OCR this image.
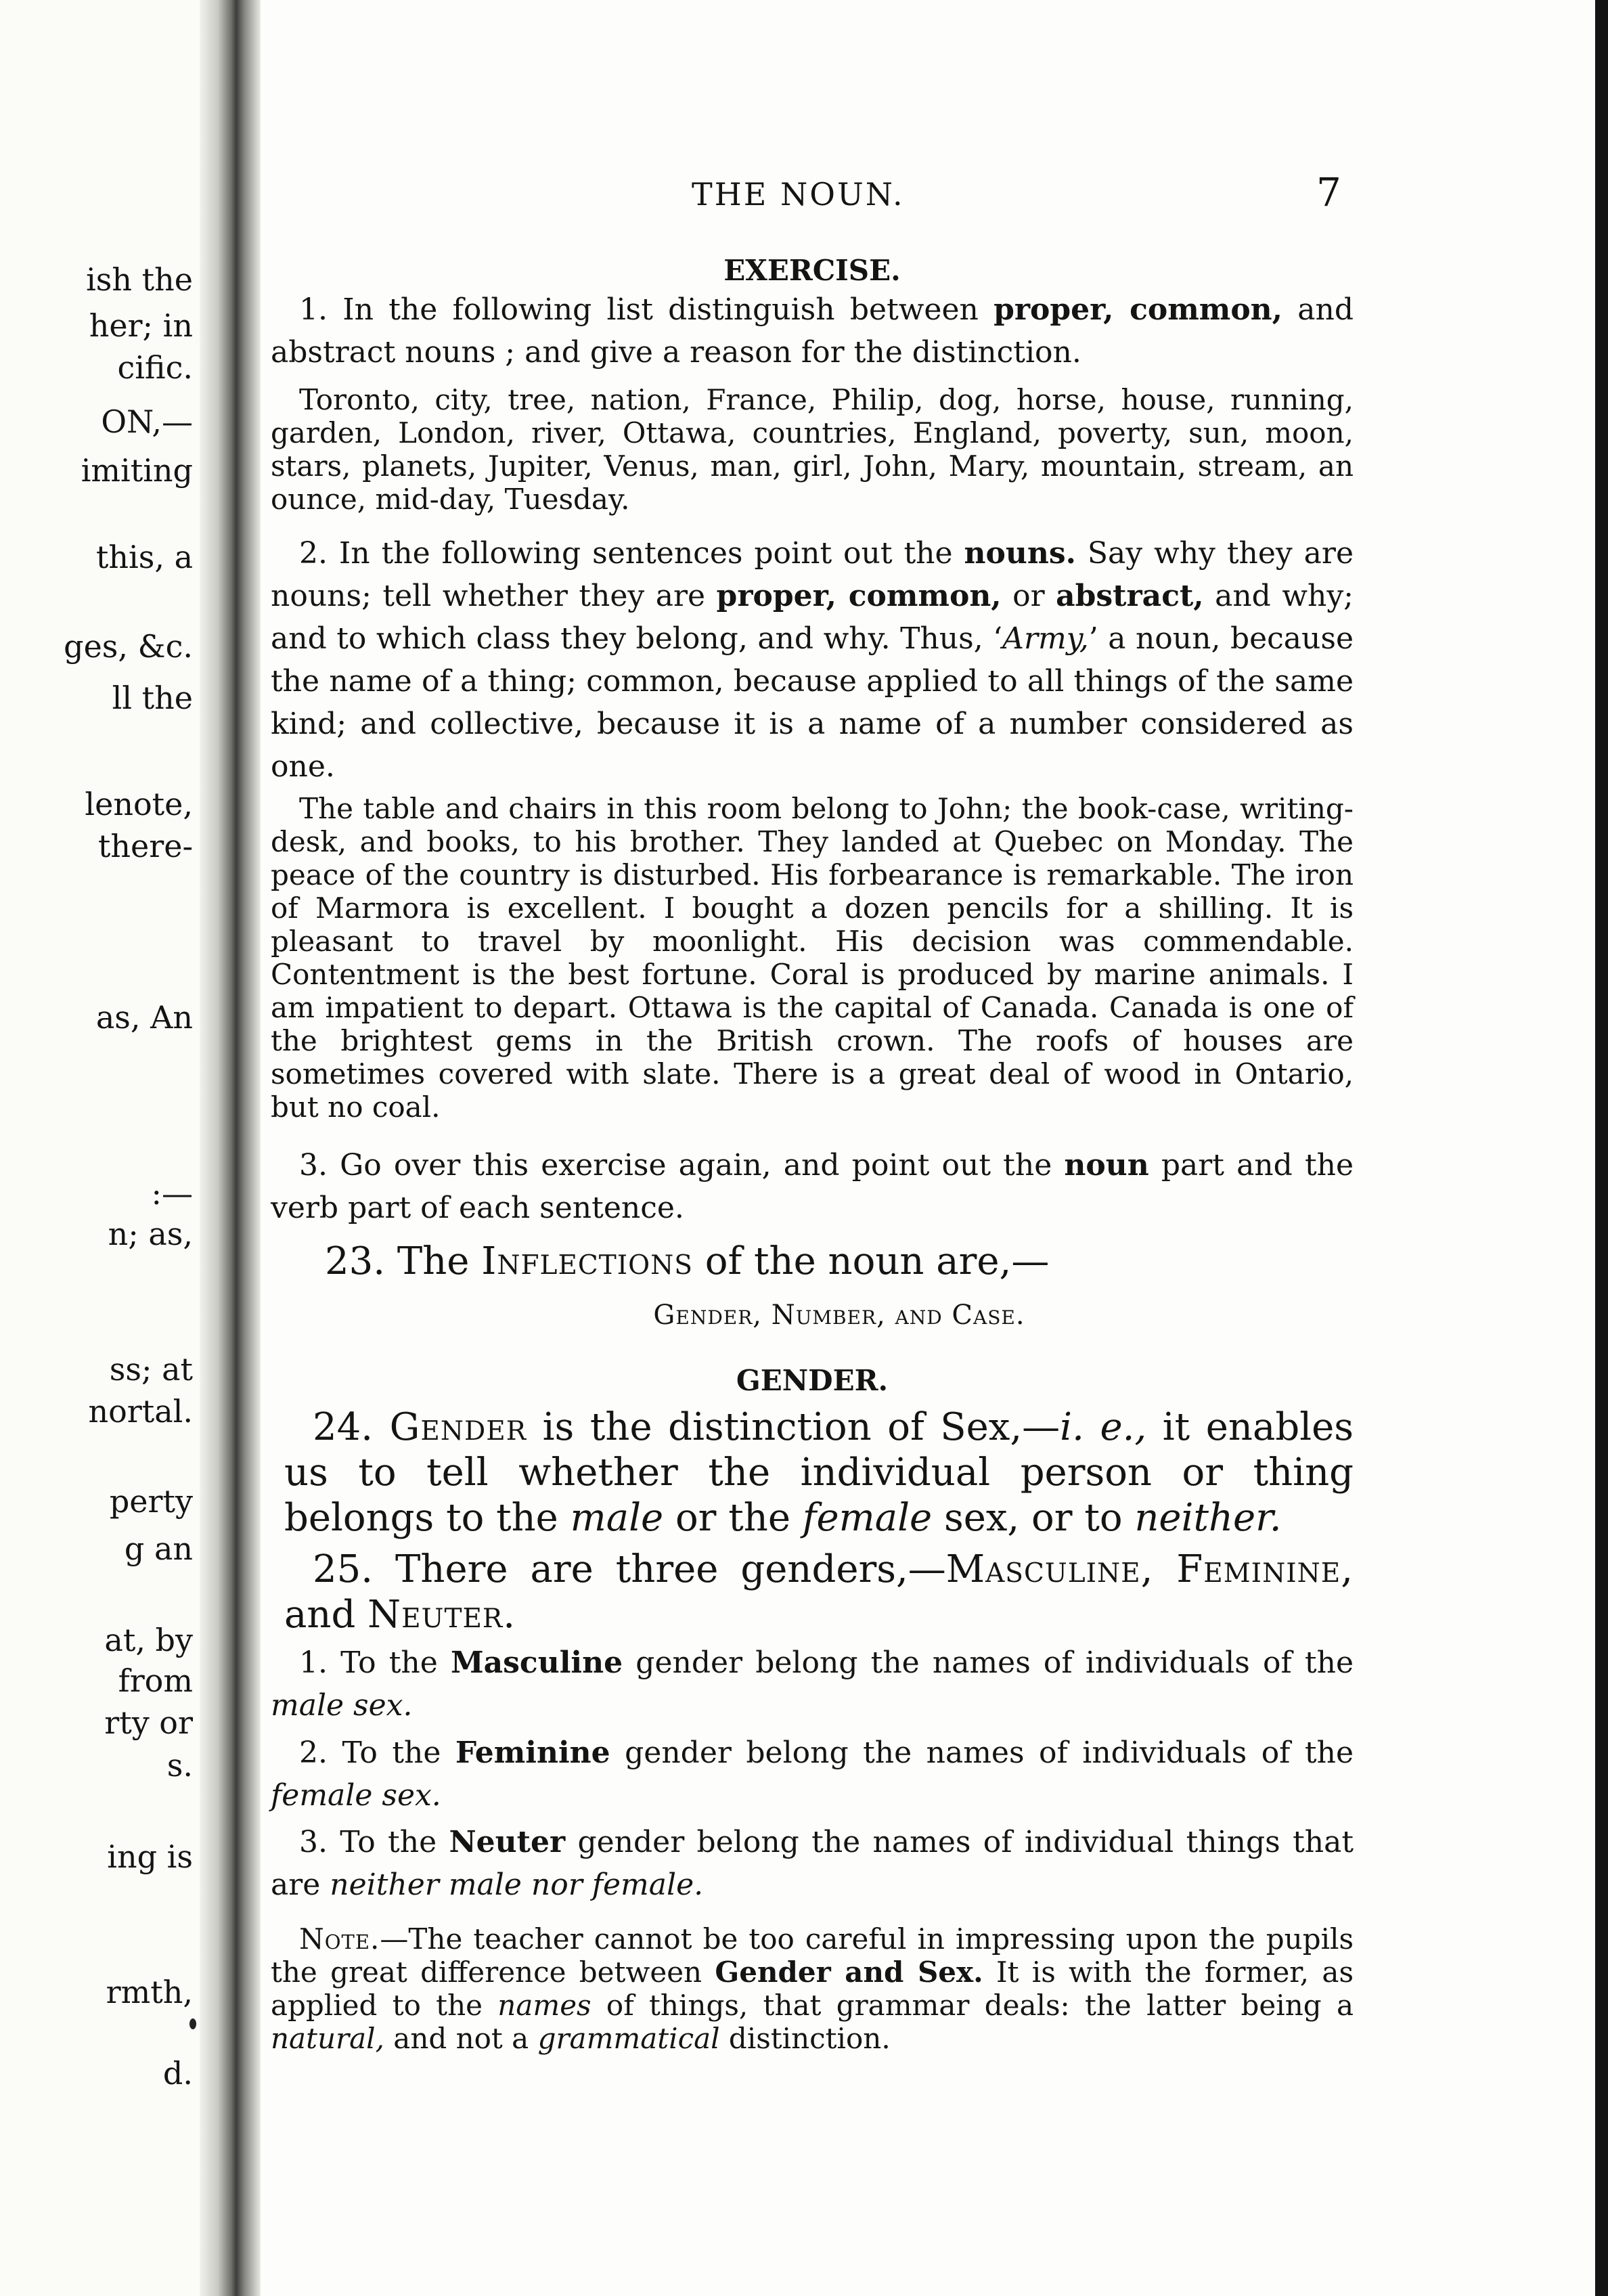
ish the
her; in
cific.
ON,—
imiting
this, a
ges, &c.
ll the
lenote,
there-
as, An
:—
n; as,
ss; at
nortal.
perty
g an
at, by
from
rty or
s.
ing is
rmth,
d.
THE NOUN.	7
EXERCISE.

1. In the following list distinguish between proper, common, and abstract nouns ; and give a reason for the distinction.

Toronto, city, tree, nation, France, Philip, dog, horse, house, running, garden, London, river, Ottawa, countries, England, poverty, sun, moon, stars, planets, Jupiter, Venus, man, girl, John, Mary, mountain, stream, an ounce, mid-day, Tuesday.

2. In the following sentences point out the nouns. Say why they are nouns; tell whether they are proper, common, or abstract, and why; and to which class they belong, and why. Thus, ‘Army,’ a noun, because the name of a thing; common, because applied to all things of the same kind; and collective, because it is a name of a number considered as one.

The table and chairs in this room belong to John; the book-case, writing-desk, and books, to his brother. They landed at Quebec on Monday. The peace of the country is disturbed. His forbearance is remarkable. The iron of Marmora is excellent. I bought a dozen pencils for a shilling. It is pleasant to travel by moonlight. His decision was commendable. Contentment is the best fortune. Coral is produced by marine animals. I am impatient to depart. Ottawa is the capital of Canada. Canada is one of the brightest gems in the British crown. The roofs of houses are sometimes covered with slate. There is a great deal of wood in Ontario, but no coal.

3. Go over this exercise again, and point out the noun part and the verb part of each sentence.

23. The Inflections of the noun are,—

Gender, Number, and Case.
GENDER.

24. Gender is the distinction of Sex,—i. e., it enables us to tell whether the individual person or thing belongs to the male or the female sex, or to neither.

25. There are three genders,—Masculine, Feminine, and Neuter.

1. To the Masculine gender belong the names of individuals of the male sex.

2. To the Feminine gender belong the names of individuals of the female sex.

3. To the Neuter gender belong the names of individual things that are neither male nor female.

Note.—The teacher cannot be too careful in impressing upon the pupils the great difference between Gender and Sex. It is with the former, as applied to the names of things, that grammar deals: the latter being a natural, and not a grammatical distinction.
